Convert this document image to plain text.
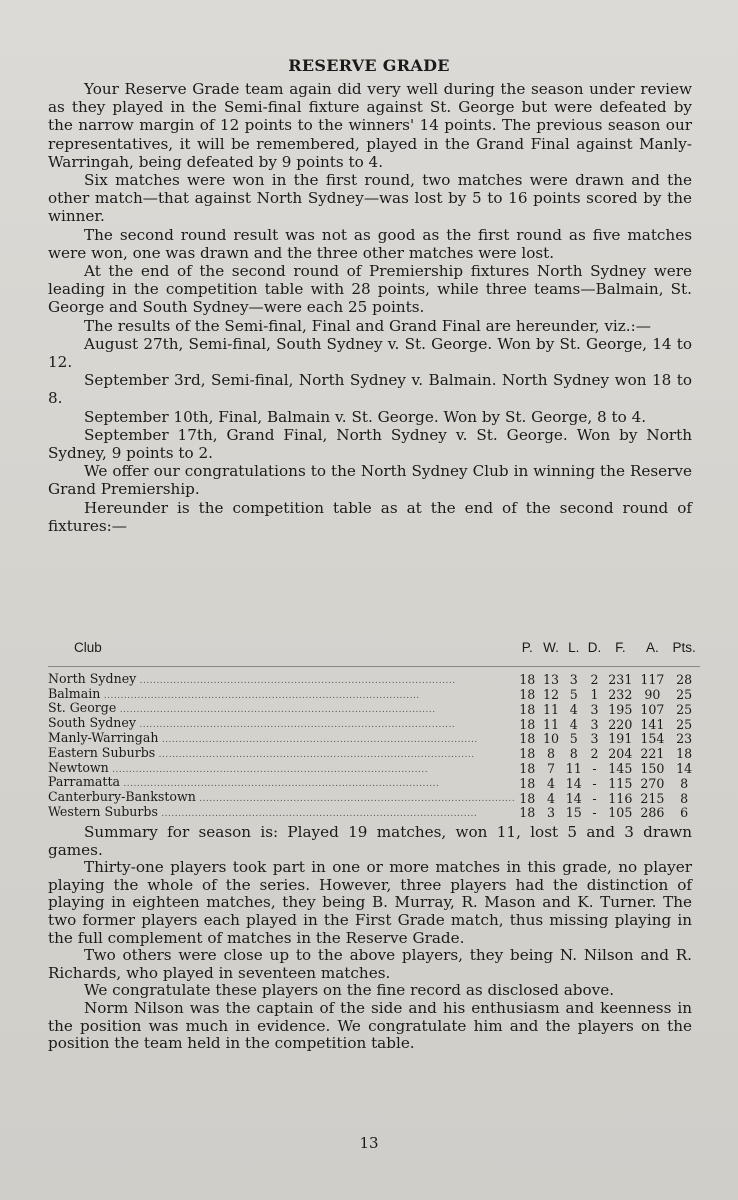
RESERVE GRADE

Your Reserve Grade team again did very well during the season under review as they played in the Semi-final fixture against St. George but were defeated by the narrow margin of 12 points to the winners' 14 points. The previous season our representatives, it will be remembered, played in the Grand Final against Manly-Warringah, being defeated by 9 points to 4.

Six matches were won in the first round, two matches were drawn and the other match—that against North Sydney—was lost by 5 to 16 points scored by the winner.

The second round result was not as good as the first round as five matches were won, one was drawn and the three other matches were lost.

At the end of the second round of Premiership fixtures North Sydney were leading in the competition table with 28 points, while three teams—Balmain, St. George and South Sydney—were each 25 points.

The results of the Semi-final, Final and Grand Final are hereunder, viz.:—

August 27th, Semi-final, South Sydney v. St. George. Won by St. George, 14 to 12.

September 3rd, Semi-final, North Sydney v. Balmain. North Sydney won 18 to 8.

September 10th, Final, Balmain v. St. George. Won by St. George, 8 to 4.

September 17th, Grand Final, North Sydney v. St. George. Won by North Sydney, 9 points to 2.

We offer our congratulations to the North Sydney Club in winning the Reserve Grand Premiership.

Hereunder is the competition table as at the end of the second round of fixtures:—

Club	P.	W.	L.	D.	F.	A.	Pts.
North Sydney .....	18	13	3	2	231	117	28
Balmain .....	18	12	5	1	232	90	25
St. George .....	18	11	4	3	195	107	25
South Sydney .....	18	11	4	3	220	141	25
Manly-Warringah .....	18	10	5	3	191	154	23
Eastern Suburbs .....	18	8	8	2	204	221	18
Newtown .....	18	7	11	-	145	150	14
Parramatta .....	18	4	14	-	115	270	8
Canterbury-Bankstown .....	18	4	14	-	116	215	8
Western Suburbs .....	18	3	15	-	105	286	6

Summary for season is: Played 19 matches, won 11, lost 5 and 3 drawn games.

Thirty-one players took part in one or more matches in this grade, no player playing the whole of the series. However, three players had the distinction of playing in eighteen matches, they being B. Murray, R. Mason and K. Turner. The two former players each played in the First Grade match, thus missing playing in the full complement of matches in the Reserve Grade.

Two others were close up to the above players, they being N. Nilson and R. Richards, who played in seventeen matches.

We congratulate these players on the fine record as disclosed above.

Norm Nilson was the captain of the side and his enthusiasm and keenness in the position was much in evidence. We congratulate him and the players on the position the team held in the competition table.

13
